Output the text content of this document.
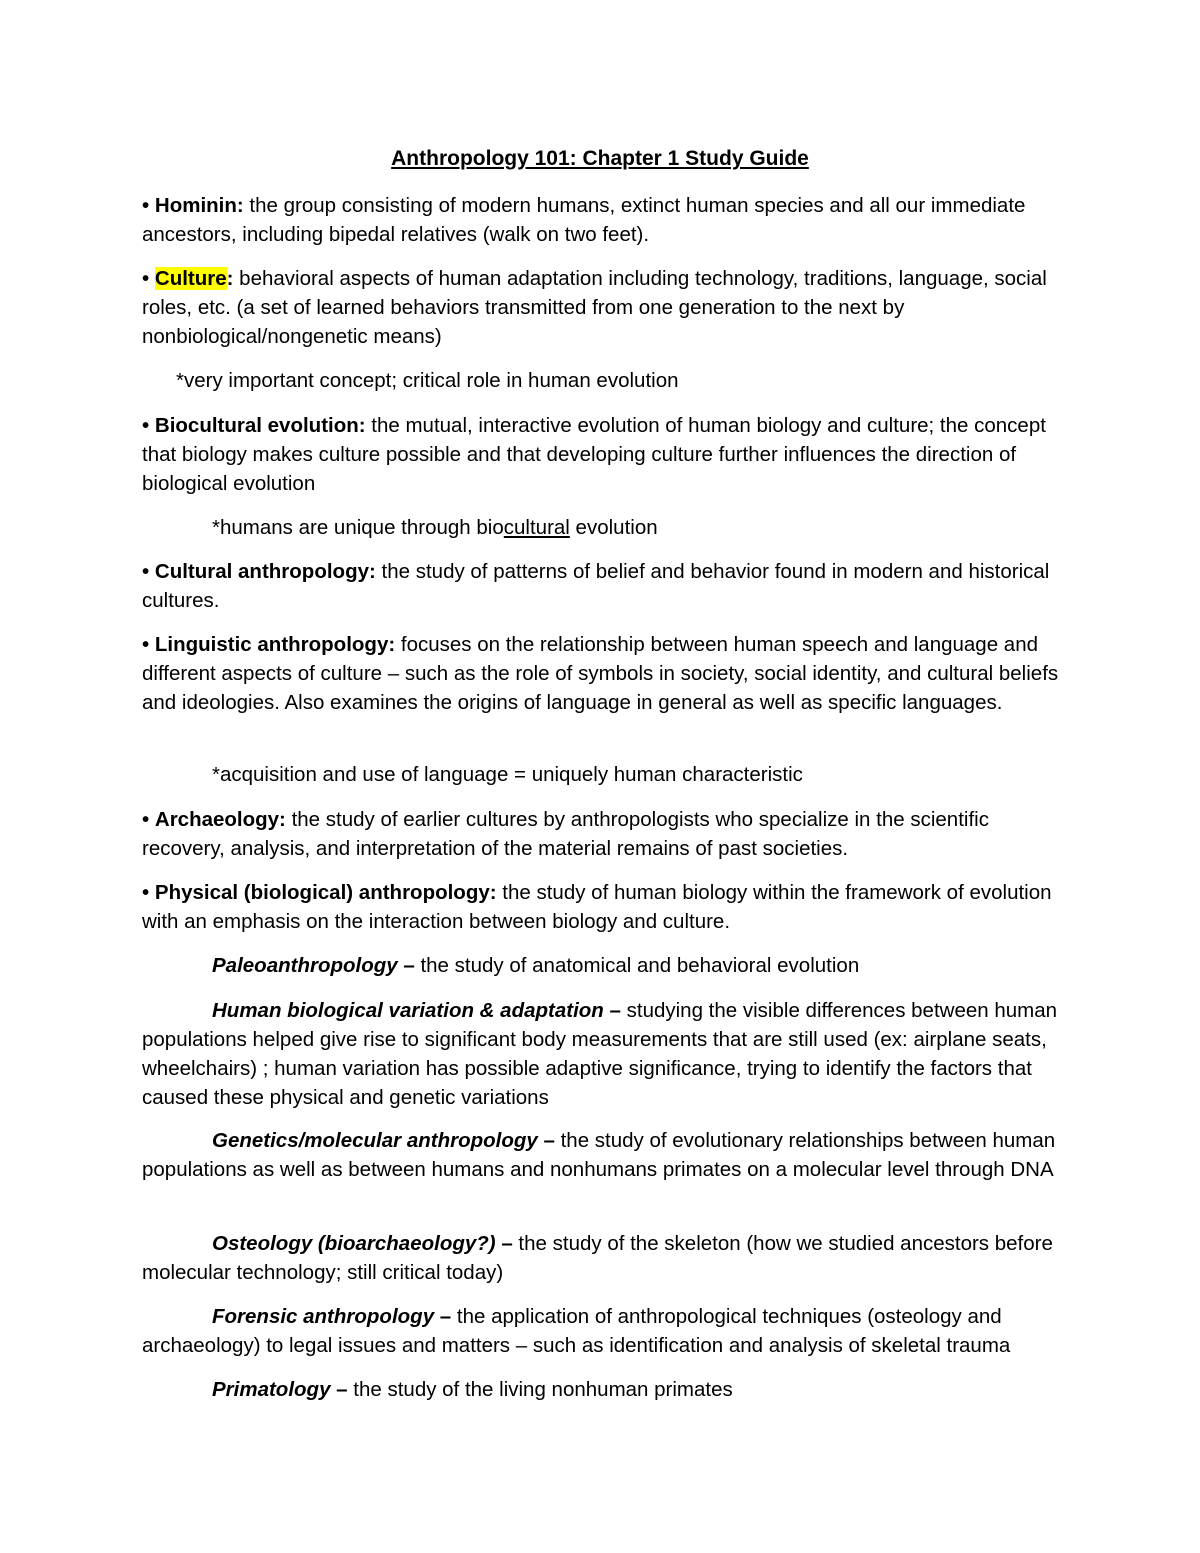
Anthropology 101: Chapter 1 Study Guide

• Hominin: the group consisting of modern humans, extinct human species and all our immediate ancestors, including bipedal relatives (walk on two feet).

• Culture: behavioral aspects of human adaptation including technology, traditions, language, social roles, etc. (a set of learned behaviors transmitted from one generation to the next by nonbiological/nongenetic means)

*very important concept; critical role in human evolution

• Biocultural evolution: the mutual, interactive evolution of human biology and culture; the concept that biology makes culture possible and that developing culture further influences the direction of biological evolution

*humans are unique through biocultural evolution

• Cultural anthropology: the study of patterns of belief and behavior found in modern and historical cultures.

• Linguistic anthropology: focuses on the relationship between human speech and language and different aspects of culture – such as the role of symbols in society, social identity, and cultural beliefs and ideologies. Also examines the origins of language in general as well as specific languages.

*acquisition and use of language = uniquely human characteristic

• Archaeology: the study of earlier cultures by anthropologists who specialize in the scientific recovery, analysis, and interpretation of the material remains of past societies.

• Physical (biological) anthropology: the study of human biology within the framework of evolution with an emphasis on the interaction between biology and culture.

Paleoanthropology – the study of anatomical and behavioral evolution

Human biological variation & adaptation – studying the visible differences between human populations helped give rise to significant body measurements that are still used (ex: airplane seats, wheelchairs) ; human variation has possible adaptive significance, trying to identify the factors that caused these physical and genetic variations

Genetics/molecular anthropology – the study of evolutionary relationships between human populations as well as between humans and nonhumans primates on a molecular level through DNA

Osteology (bioarchaeology?) – the study of the skeleton (how we studied ancestors before molecular technology; still critical today)

Forensic anthropology – the application of anthropological techniques (osteology and archaeology) to legal issues and matters – such as identification and analysis of skeletal trauma

Primatology – the study of the living nonhuman primates
